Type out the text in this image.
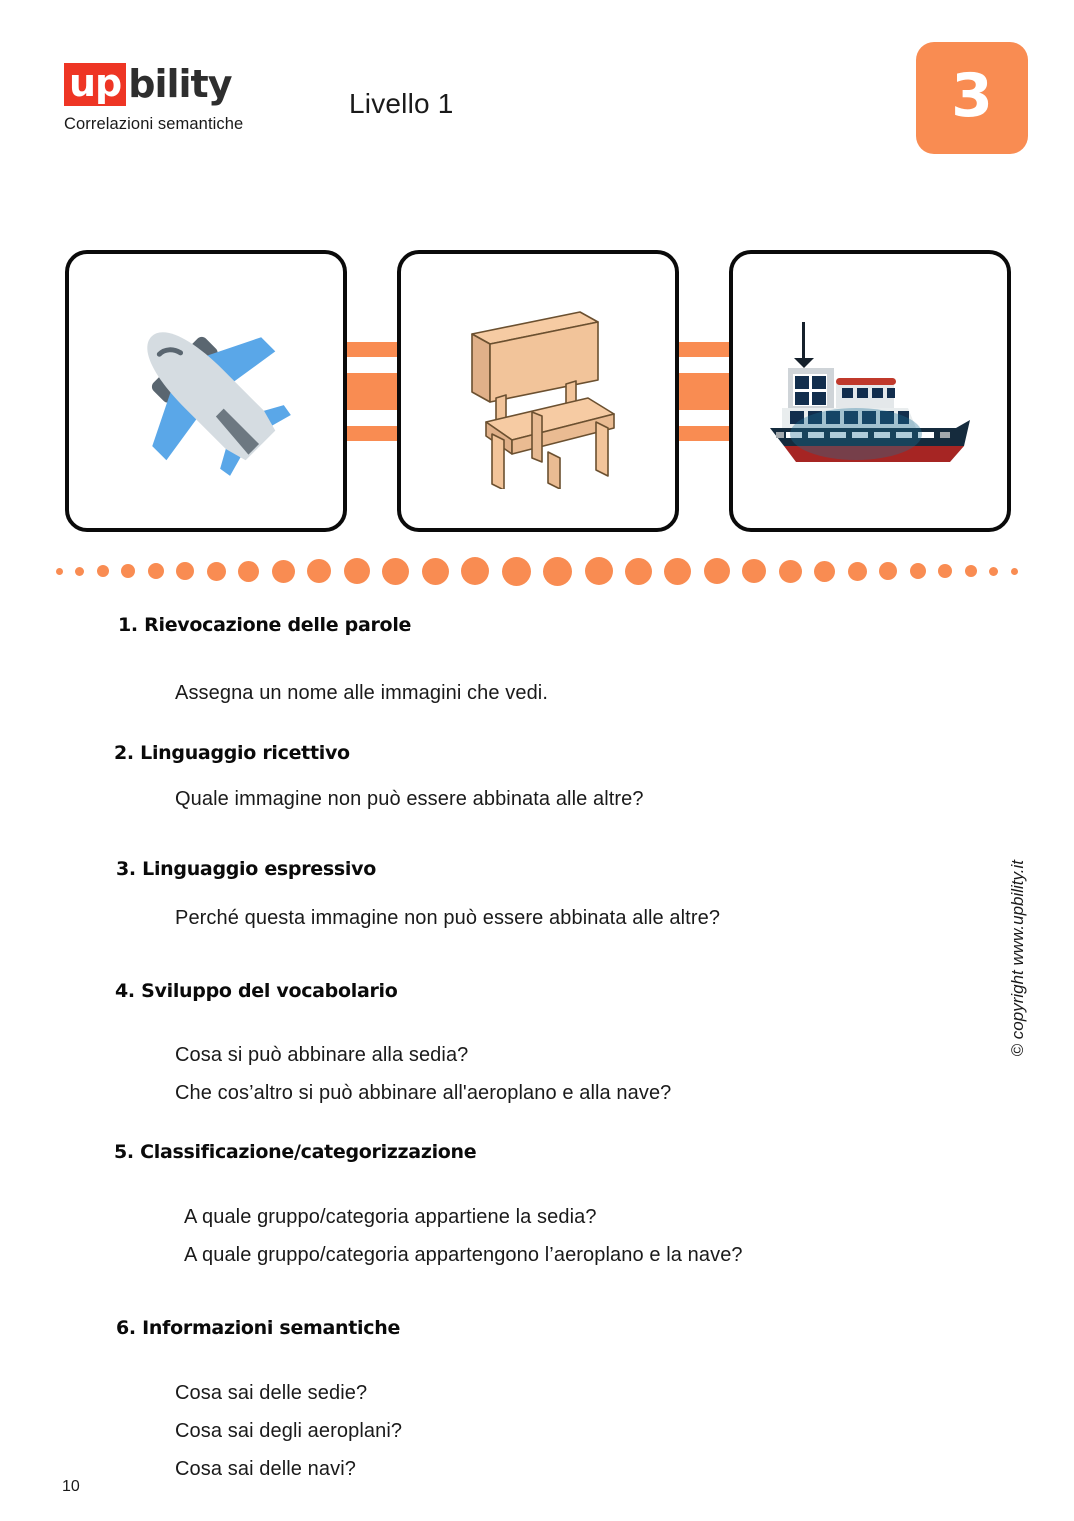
up bility
Correlazioni semantiche
Livello 1	3
1. Rievocazione delle parole
Assegna un nome alle immagini che vedi.
2. Linguaggio ricettivo
Quale immagine non può essere abbinata alle altre?
3. Linguaggio espressivo
Perché questa immagine non può essere abbinata alle altre?
4. Sviluppo del vocabolario
Cosa si può abbinare alla sedia?
Che cos’altro si può abbinare all'aeroplano e alla nave?
5. Classificazione/categorizzazione
A quale gruppo/categoria appartiene la sedia?
A quale gruppo/categoria appartengono l’aeroplano e la nave?
6. Informazioni semantiche
Cosa sai delle sedie?
Cosa sai degli aeroplani?
Cosa sai delle navi?
© copyright www.upbility.it
10
